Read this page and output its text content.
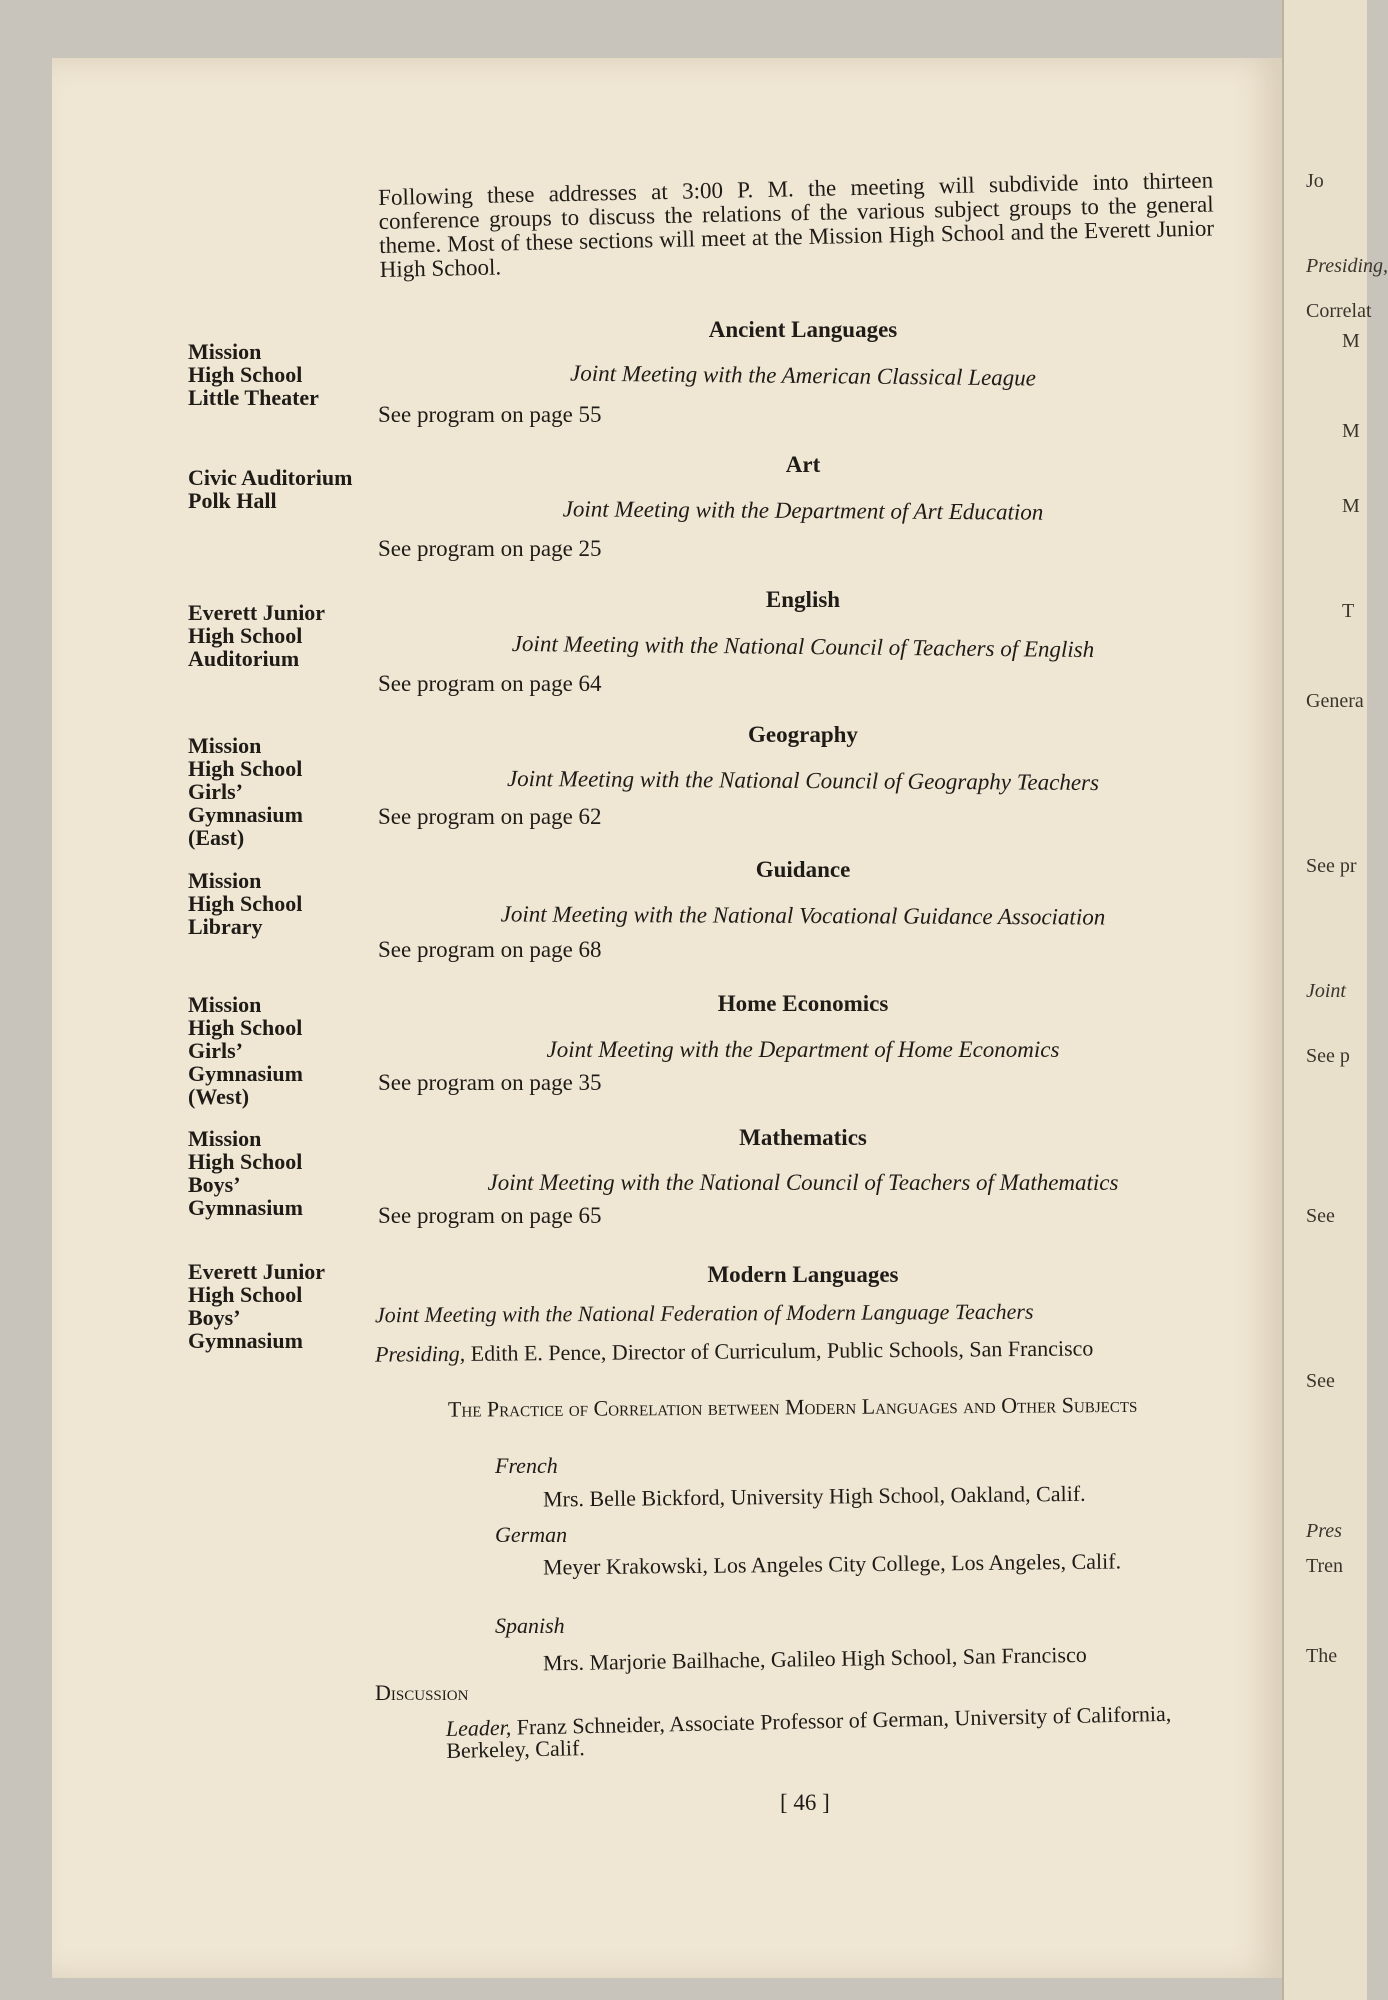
Jo
Presiding,
Correlat
M
M
M
T
Genera
See pr
Joint
See p
See
See
Pres
Tren
The

Following these addresses at 3:00 P. M. the meeting will subdivide into thirteen conference groups to discuss the relations of the various subject groups to the general theme. Most of these sections will meet at the Mission High School and the Everett Junior High School.

Mission
High School
Little Theater
Ancient Languages
Joint Meeting with the American Classical League
See program on page 55
Civic Auditorium
Polk Hall
Art
Joint Meeting with the Department of Art Education
See program on page 25
Everett Junior
High School
Auditorium
English
Joint Meeting with the National Council of Teachers of English
See program on page 64
Mission
High School
Girls’
Gymnasium
(East)
Geography
Joint Meeting with the National Council of Geography Teachers
See program on page 62
Mission
High School
Library
Guidance
Joint Meeting with the National Vocational Guidance Association
See program on page 68
Mission
High School
Girls’
Gymnasium
(West)
Home Economics
Joint Meeting with the Department of Home Economics
See program on page 35
Mission
High School
Boys’
Gymnasium
Mathematics
Joint Meeting with the National Council of Teachers of Mathematics
See program on page 65
Everett Junior
High School
Boys’
Gymnasium
Modern Languages
Joint Meeting with the National Federation of Modern Language Teachers
Presiding, Edith E. Pence, Director of Curriculum, Public Schools, San Francisco
The Practice of Correlation between Modern Languages and Other Subjects
French
Mrs. Belle Bickford, University High School, Oakland, Calif.
German
Meyer Krakowski, Los Angeles City College, Los Angeles, Calif.
Spanish
Mrs. Marjorie Bailhache, Galileo High School, San Francisco
Discussion
Leader, Franz Schneider, Associate Professor of German, University of California, Berkeley, Calif.
[ 46 ]
